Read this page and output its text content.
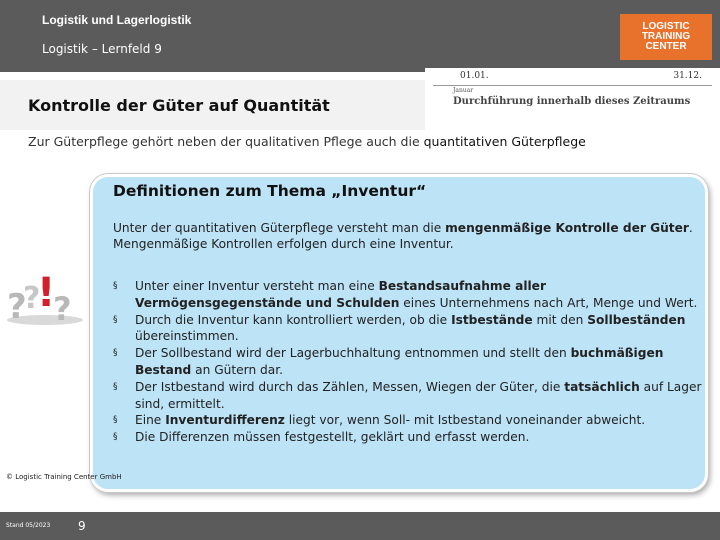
Logistik und Lagerlogistik
Logistik – Lernfeld 9
LOGISTIC
TRAINING
CENTER
01.01.	31.12.
Januar
Durchführung innerhalb dieses Zeitraums
Kontrolle der Güter auf Quantität
Zur Güterpflege gehört neben der qualitativen Pflege auch die quantitativen Güterpflege
Definitionen zum Thema „Inventur“
Unter der quantitativen Güterpflege versteht man die mengenmäßige Kontrolle der Güter. Mengenmäßige Kontrollen erfolgen durch eine Inventur.
? ?
?
!	§ Unter einer Inventur versteht man eine Bestandsaufnahme aller Vermögensgegenstände und Schulden eines Unternehmens nach Art, Menge und Wert.
§ Durch die Inventur kann kontrolliert werden, ob die Istbestände mit den Sollbeständen übereinstimmen.
§ Der Sollbestand wird der Lagerbuchhaltung entnommen und stellt den buchmäßigen Bestand an Gütern dar.
§ Der Istbestand wird durch das Zählen, Messen, Wiegen der Güter, die tatsächlich auf Lager sind, ermittelt.
§ Eine Inventurdifferenz liegt vor, wenn Soll- mit Istbestand voneinander abweicht.
§ Die Differenzen müssen festgestellt, geklärt und erfasst werden.
© Logistic Training Center GmbH
Jede Art der Vervielfältigung ist nur mit Genehmigung des Logistic Training Centers gestattet.
Stand 05/2023 9
